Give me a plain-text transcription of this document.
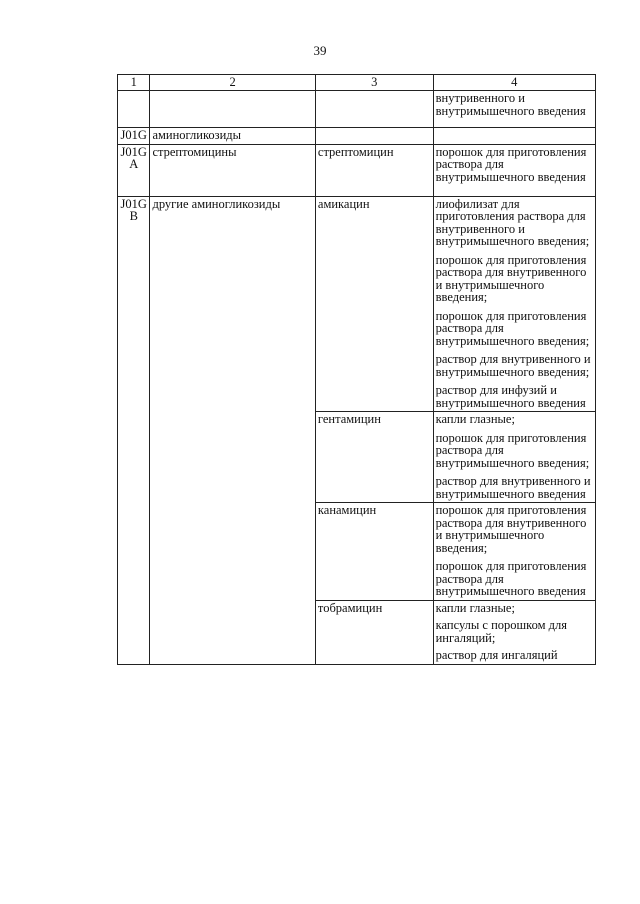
39
1	2	3	4

			внутривенного и внутримышечного введения

J01G	аминогликозиды		
J01G A	стрептомицины	стрептомицин	порошок для приготовления раствора для внутримышечного введения

J01G B	другие аминогликозиды	амикацин	лиофилизат для приготовления раствора для внутривенного и внутримышечного введения;
порошок для приготовления раствора для внутривенного и внутримышечного введения;
порошок для приготовления раствора для внутримышечного введения;
раствор для внутривенного и внутримышечного введения;
раствор для инфузий и внутримышечного введения

		гентамицин	капли глазные;
порошок для приготовления раствора для внутримышечного введения;
раствор для внутривенного и внутримышечного введения

		канамицин	порошок для приготовления раствора для внутривенного и внутримышечного введения;
порошок для приготовления раствора для внутримышечного введения

		тобрамицин	капли глазные;
капсулы с порошком для ингаляций;
раствор для ингаляций
